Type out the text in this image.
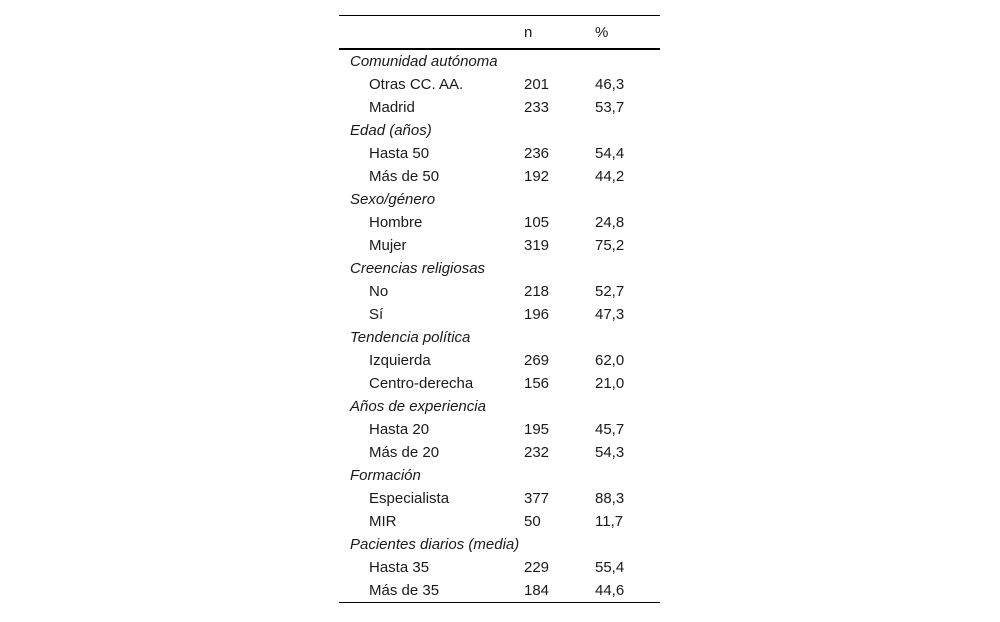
	n	%
Comunidad autónoma		
Otras CC. AA.	201	46,3
Madrid	233	53,7
Edad (años)		
Hasta 50	236	54,4
Más de 50	192	44,2
Sexo/género		
Hombre	105	24,8
Mujer	319	75,2
Creencias religiosas		
No	218	52,7
Sí	196	47,3
Tendencia política		
Izquierda	269	62,0
Centro-derecha	156	21,0
Años de experiencia		
Hasta 20	195	45,7
Más de 20	232	54,3
Formación		
Especialista	377	88,3
MIR	50	11,7
Pacientes diarios (media)		
Hasta 35	229	55,4
Más de 35	184	44,6
